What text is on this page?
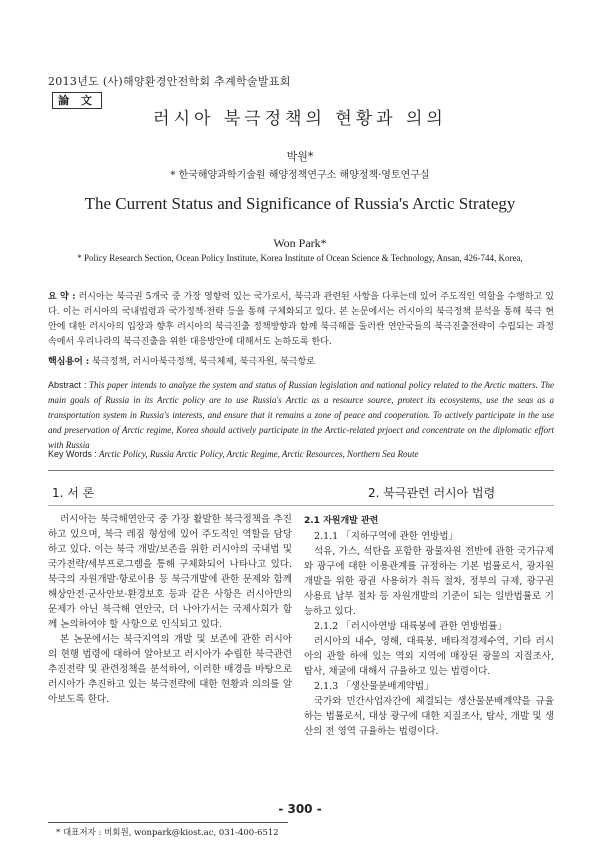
2013년도 (사)해양환경안전학회 추계학술발표회
論 文
러시아 북극정책의 현황과 의의
박원*
* 한국해양과학기술원 해양정책연구소 해양정책·영토연구실
The Current Status and Significance of Russia's Arctic Strategy
Won Park*
* Policy Research Section, Ocean Policy Institute, Korea Institute of Ocean Science & Technology, Ansan, 426-744, Korea,
요 약 : 러시아는 북극권 5개국 중 가장 영향력 있는 국가로서, 북극과 관련된 사항을 다루는데 있어 주도적인 역할을 수행하고 있다. 이는 러시아의 국내법령과 국가정책·전략 등을 통해 구체화되고 있다. 본 논문에서는 러시아의 북극정책 분석을 통해 북극 현안에 대한 러시아의 입장과 향후 러시아의 북극진출 정책방향과 함께 북극해를 둘러싼 연안국들의 북극진출전략이 수립되는 과정 속에서 우리나라의 북극진출을 위한 대응방안에 대해서도 논하도록 한다.
핵심용어 : 북극정책, 러시아북극정책, 북극체제, 북극자원, 북극항로
Abstract : This paper intends to analyze the system and status of Russian legislation and national policy related to the Arctic matters. The main goals of Russia in its Arctic policy are to use Russia's Arctic as a resource source, protect its ecosystems, use the seas as a transportation system in Russia's interests, and ensure that it remains a zone of peace and cooperation. To actively participate in the use and preservation of Arctic regime, Korea should actively participate in the Arctic-related prjoect and concentrate on the diplomatic effort with Russia
Key Words : Arctic Policy, Russia Arctic Policy, Arctic Regime, Arctic Resources, Northern Sea Route
1. 서 론	2. 북극관련 러시아 법령

러시아는 북극해연안국 중 가장 활발한 북극정책을 추진하고 있으며, 북극 레짐 형성에 있어 주도적인 역할을 담당하고 있다. 이는 북극 개발/보존을 위한 러시아의 국내법 및 국가전략/세부프로그램을 통해 구체화되어 나타나고 있다. 북극의 자원개발·항로이용 등 북극개발에 관한 문제와 함께 해상안전·군사안보·환경보호 등과 같은 사항은 러시아만의 문제가 아닌 북극해 연안국, 더 나아가서는 국제사회가 함께 논의하여야 할 사항으로 인식되고 있다.

본 논문에서는 북극지역의 개발 및 보존에 관한 러시아의 현행 법령에 대하여 알아보고 러시아가 수립한 북극관련 추진전략 및 관련정책을 분석하여, 이러한 배경을 바탕으로 러시아가 추진하고 있는 북극전략에 대한 현황과 의의를 알아보도록 한다.

2.1 자원개발 관련

2.1.1 「지하구역에 관한 연방법」

석유, 가스, 석탄을 포함한 광물자원 전반에 관한 국가규제와 광구에 대한 이용관계를 규정하는 기본 법률로서, 광자원 개발을 위한 광권 사용허가 취득 절차, 정부의 규제, 광구권 사용료 납부 절차 등 자원개발의 기준이 되는 일반법률로 기능하고 있다.

2.1.2 「러시아연방 대륙붕에 관한 연방법률」

러시아의 내수, 영해, 대륙붕, 배타적경제수역, 기타 러시아의 관할 하에 있는 역외 지역에 매장된 광물의 지질조사, 탐사, 채굴에 대해서 규율하고 있는 법령이다.

2.1.3 「생산물분배계약법」

국가와 민간사업자간에 체결되는 생산물분배계약을 규율하는 법률로서, 대상 광구에 대한 지질조사, 탐사, 개발 및 생산의 전 영역 규율하는 법령이다.

- 300 -
* 대표저자 : 비회원, wonpark@kiost.ac, 031-400-6512
